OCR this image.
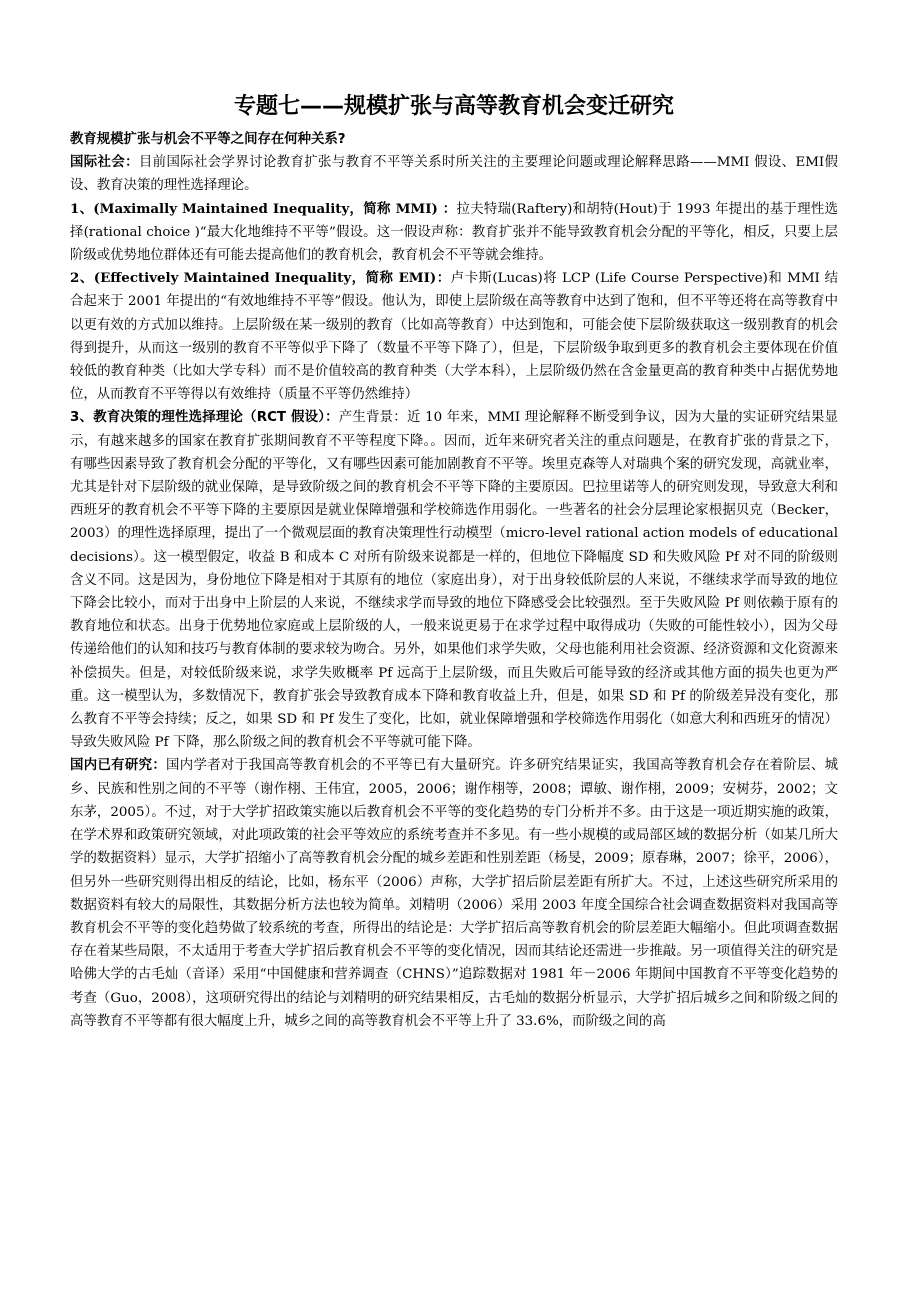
专题七——规模扩张与高等教育机会变迁研究

教育规模扩张与机会不平等之间存在何种关系?

国际社会：目前国际社会学界讨论教育扩张与教育不平等关系时所关注的主要理论问题或理论解释思路——MMI 假设、EMI假设、教育决策的理性选择理论。

1、(Maximally Maintained Inequality，简称 MMI) ：拉夫特瑞(Raftery)和胡特(Hout)于 1993 年提出的基于理性选择(rational choice )“最大化地维持不平等”假设。这一假设声称：教育扩张并不能导致教育机会分配的平等化，相反，只要上层阶级或优势地位群体还有可能去提高他们的教育机会，教育机会不平等就会维持。

2、(Effectively Maintained Inequality，简称 EMI)：卢卡斯(Lucas)将 LCP (Life Course Perspective)和 MMI 结合起来于 2001 年提出的“有效地维持不平等”假设。他认为，即使上层阶级在高等教育中达到了饱和，但不平等还将在高等教育中以更有效的方式加以维持。上层阶级在某一级别的教育（比如高等教育）中达到饱和，可能会使下层阶级获取这一级别教育的机会得到提升，从而这一级别的教育不平等似乎下降了（数量不平等下降了），但是，下层阶级争取到更多的教育机会主要体现在价值较低的教育种类（比如大学专科）而不是价值较高的教育种类（大学本科），上层阶级仍然在含金量更高的教育种类中占据优势地位，从而教育不平等得以有效维持（质量不平等仍然维持）

3、教育决策的理性选择理论（RCT 假设）：产生背景：近 10 年来，MMI 理论解释不断受到争议，因为大量的实证研究结果显示，有越来越多的国家在教育扩张期间教育不平等程度下降。。因而，近年来研究者关注的重点问题是，在教育扩张的背景之下，有哪些因素导致了教育机会分配的平等化，又有哪些因素可能加剧教育不平等。埃里克森等人对瑞典个案的研究发现，高就业率，尤其是针对下层阶级的就业保障，是导致阶级之间的教育机会不平等下降的主要原因。巴拉里诺等人的研究则发现，导致意大利和西班牙的教育机会不平等下降的主要原因是就业保障增强和学校筛选作用弱化。一些著名的社会分层理论家根据贝克（Becker，2003）的理性选择原理，提出了一个微观层面的教育决策理性行动模型（micro-level rational action models of educational decisions）。这一模型假定，收益 B 和成本 C 对所有阶级来说都是一样的，但地位下降幅度 SD 和失败风险 Pf 对不同的阶级则含义不同。这是因为，身份地位下降是相对于其原有的地位（家庭出身），对于出身较低阶层的人来说，不继续求学而导致的地位下降会比较小，而对于出身中上阶层的人来说，不继续求学而导致的地位下降感受会比较强烈。至于失败风险 Pf 则依赖于原有的教育地位和状态。出身于优势地位家庭或上层阶级的人，一般来说更易于在求学过程中取得成功（失败的可能性较小），因为父母传递给他们的认知和技巧与教育体制的要求较为吻合。另外，如果他们求学失败，父母也能利用社会资源、经济资源和文化资源来补偿损失。但是，对较低阶级来说，求学失败概率 Pf 远高于上层阶级，而且失败后可能导致的经济或其他方面的损失也更为严重。这一模型认为，多数情况下，教育扩张会导致教育成本下降和教育收益上升，但是，如果 SD 和 Pf 的阶级差异没有变化，那么教育不平等会持续；反之，如果 SD 和 Pf 发生了变化，比如，就业保障增强和学校筛选作用弱化（如意大利和西班牙的情况）导致失败风险 Pf 下降，那么阶级之间的教育机会不平等就可能下降。

国内已有研究：国内学者对于我国高等教育机会的不平等已有大量研究。许多研究结果证实，我国高等教育机会存在着阶层、城乡、民族和性别之间的不平等（谢作栩、王伟宜，2005，2006；谢作栩等，2008；谭敏、谢作栩，2009；安树芬，2002；文东茅，2005）。不过，对于大学扩招政策实施以后教育机会不平等的变化趋势的专门分析并不多。由于这是一项近期实施的政策，在学术界和政策研究领域，对此项政策的社会平等效应的系统考查并不多见。有一些小规模的或局部区域的数据分析（如某几所大学的数据资料）显示，大学扩招缩小了高等教育机会分配的城乡差距和性别差距（杨旻，2009；原春琳，2007；徐平，2006），但另外一些研究则得出相反的结论，比如，杨东平（2006）声称，大学扩招后阶层差距有所扩大。不过，上述这些研究所采用的数据资料有较大的局限性，其数据分析方法也较为简单。刘精明（2006）采用 2003 年度全国综合社会调查数据资料对我国高等教育机会不平等的变化趋势做了较系统的考查，所得出的结论是：大学扩招后高等教育机会的阶层差距大幅缩小。但此项调查数据存在着某些局限，不太适用于考查大学扩招后教育机会不平等的变化情况，因而其结论还需进一步推敲。另一项值得关注的研究是哈佛大学的古毛灿（音译）采用“中国健康和营养调查（CHNS）”追踪数据对 1981 年－2006 年期间中国教育不平等变化趋势的考查（Guo，2008），这项研究得出的结论与刘精明的研究结果相反，古毛灿的数据分析显示，大学扩招后城乡之间和阶级之间的高等教育不平等都有很大幅度上升，城乡之间的高等教育机会不平等上升了 33.6%，而阶级之间的高
